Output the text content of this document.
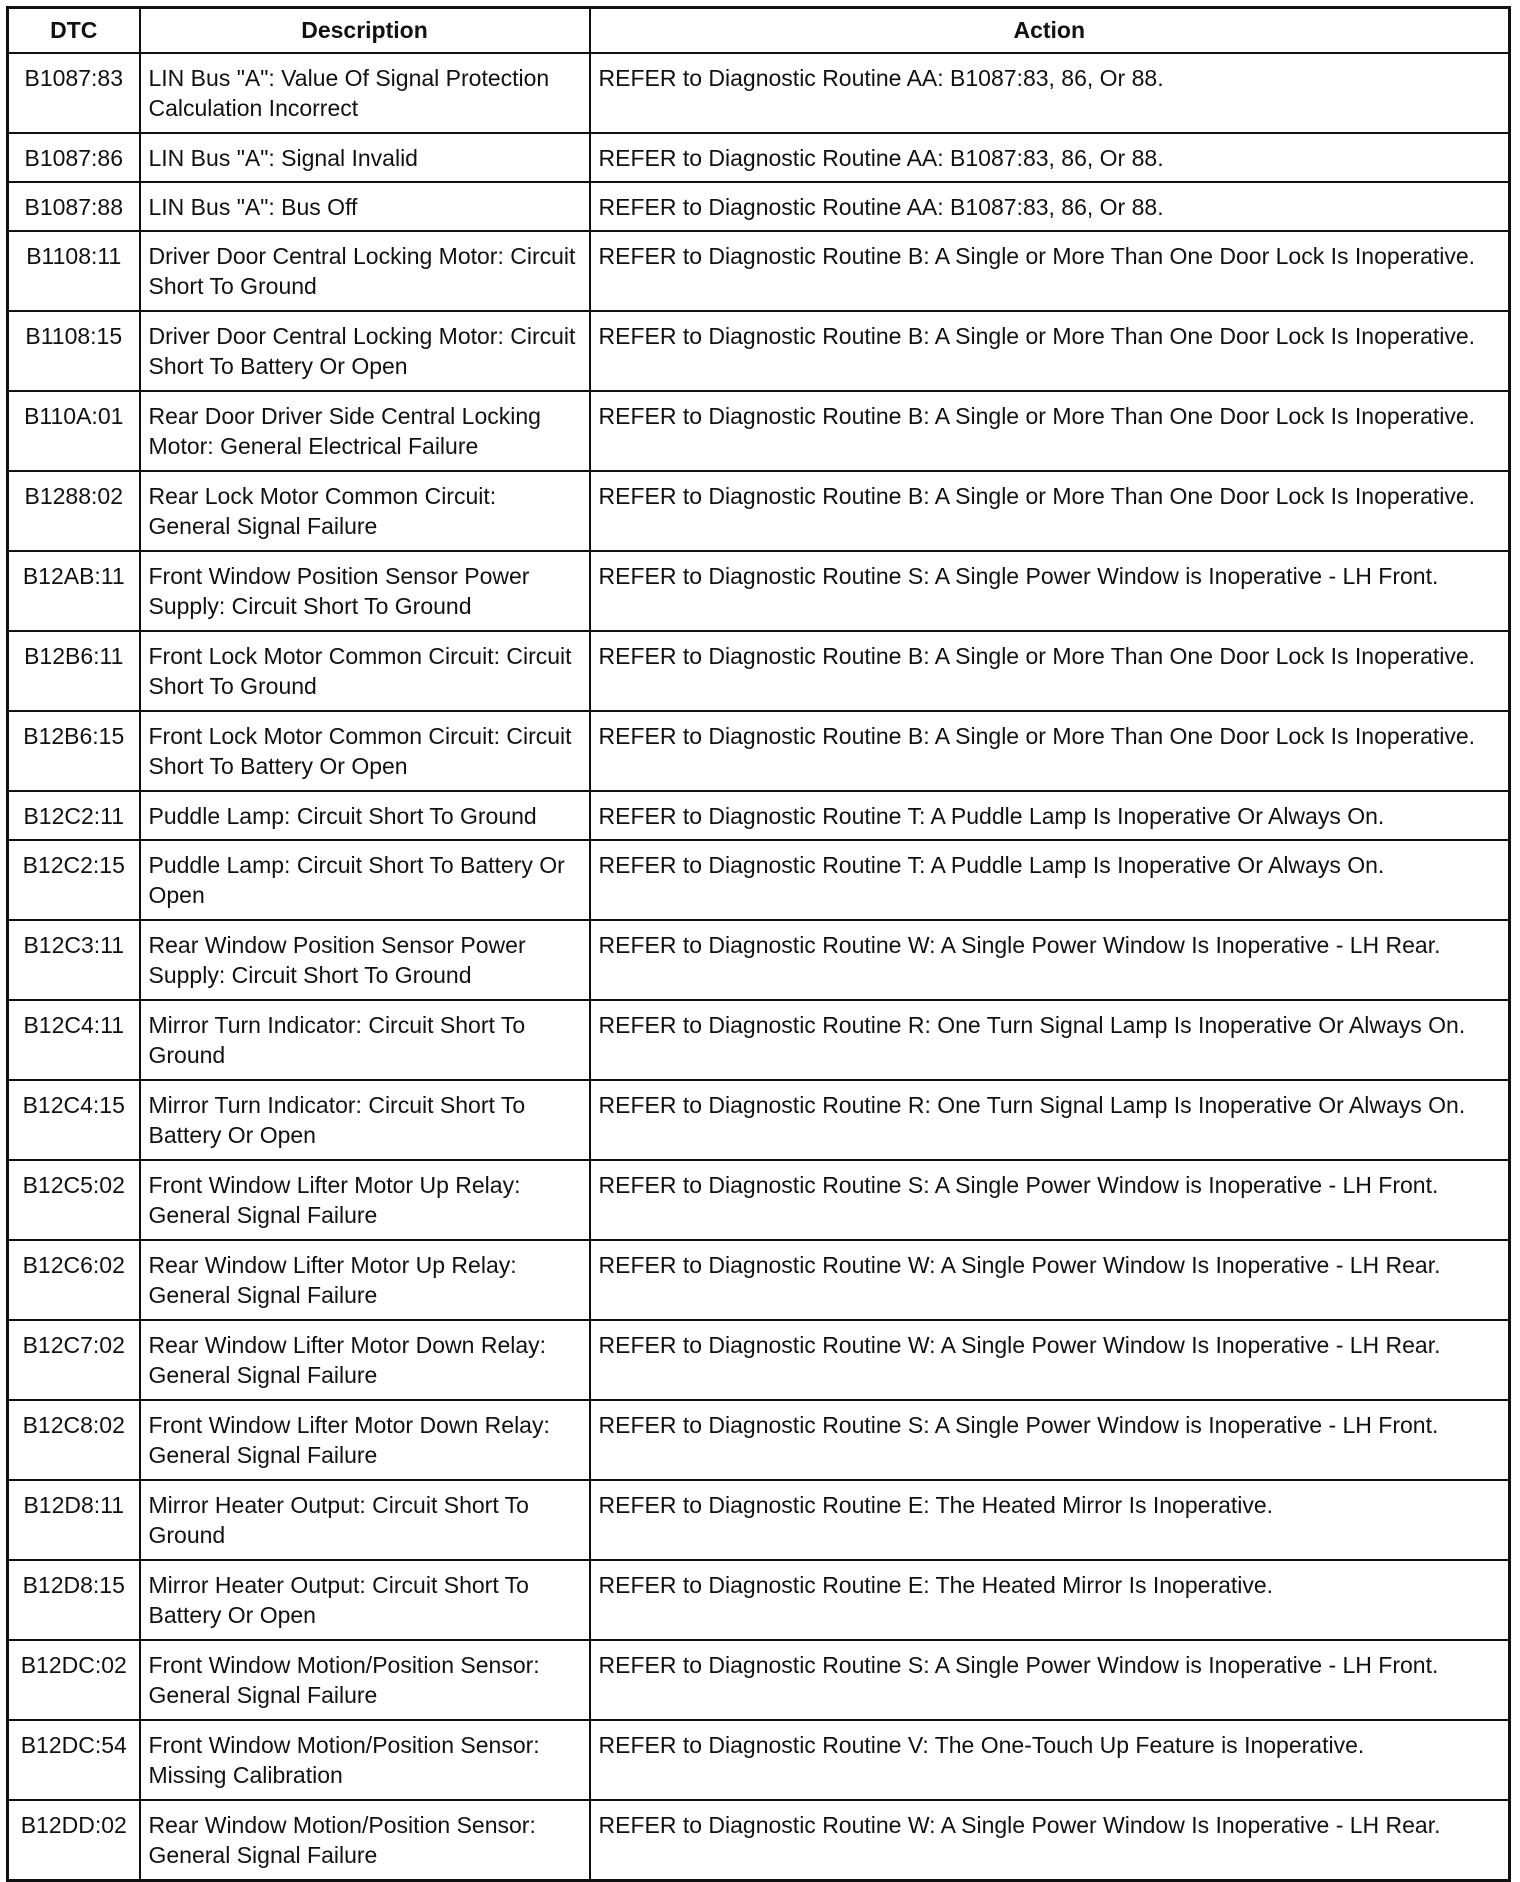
DTC	Description	Action
B1087:83	LIN Bus "A": Value Of Signal Protection Calculation Incorrect	REFER to Diagnostic Routine AA: B1087:83, 86, Or 88.
B1087:86	LIN Bus "A": Signal Invalid	REFER to Diagnostic Routine AA: B1087:83, 86, Or 88.
B1087:88	LIN Bus "A": Bus Off	REFER to Diagnostic Routine AA: B1087:83, 86, Or 88.
B1108:11	Driver Door Central Locking Motor: Circuit Short To Ground	REFER to Diagnostic Routine B: A Single or More Than One Door Lock Is Inoperative.
B1108:15	Driver Door Central Locking Motor: Circuit Short To Battery Or Open	REFER to Diagnostic Routine B: A Single or More Than One Door Lock Is Inoperative.
B110A:01	Rear Door Driver Side Central Locking Motor: General Electrical Failure	REFER to Diagnostic Routine B: A Single or More Than One Door Lock Is Inoperative.
B1288:02	Rear Lock Motor Common Circuit: General Signal Failure	REFER to Diagnostic Routine B: A Single or More Than One Door Lock Is Inoperative.
B12AB:11	Front Window Position Sensor Power Supply: Circuit Short To Ground	REFER to Diagnostic Routine S: A Single Power Window is Inoperative - LH Front.
B12B6:11	Front Lock Motor Common Circuit: Circuit Short To Ground	REFER to Diagnostic Routine B: A Single or More Than One Door Lock Is Inoperative.
B12B6:15	Front Lock Motor Common Circuit: Circuit Short To Battery Or Open	REFER to Diagnostic Routine B: A Single or More Than One Door Lock Is Inoperative.
B12C2:11	Puddle Lamp: Circuit Short To Ground	REFER to Diagnostic Routine T: A Puddle Lamp Is Inoperative Or Always On.
B12C2:15	Puddle Lamp: Circuit Short To Battery Or Open	REFER to Diagnostic Routine T: A Puddle Lamp Is Inoperative Or Always On.
B12C3:11	Rear Window Position Sensor Power Supply: Circuit Short To Ground	REFER to Diagnostic Routine W: A Single Power Window Is Inoperative - LH Rear.
B12C4:11	Mirror Turn Indicator: Circuit Short To Ground	REFER to Diagnostic Routine R: One Turn Signal Lamp Is Inoperative Or Always On.
B12C4:15	Mirror Turn Indicator: Circuit Short To Battery Or Open	REFER to Diagnostic Routine R: One Turn Signal Lamp Is Inoperative Or Always On.
B12C5:02	Front Window Lifter Motor Up Relay: General Signal Failure	REFER to Diagnostic Routine S: A Single Power Window is Inoperative - LH Front.
B12C6:02	Rear Window Lifter Motor Up Relay: General Signal Failure	REFER to Diagnostic Routine W: A Single Power Window Is Inoperative - LH Rear.
B12C7:02	Rear Window Lifter Motor Down Relay: General Signal Failure	REFER to Diagnostic Routine W: A Single Power Window Is Inoperative - LH Rear.
B12C8:02	Front Window Lifter Motor Down Relay: General Signal Failure	REFER to Diagnostic Routine S: A Single Power Window is Inoperative - LH Front.
B12D8:11	Mirror Heater Output: Circuit Short To Ground	REFER to Diagnostic Routine E: The Heated Mirror Is Inoperative.
B12D8:15	Mirror Heater Output: Circuit Short To Battery Or Open	REFER to Diagnostic Routine E: The Heated Mirror Is Inoperative.
B12DC:02	Front Window Motion/Position Sensor: General Signal Failure	REFER to Diagnostic Routine S: A Single Power Window is Inoperative - LH Front.
B12DC:54	Front Window Motion/Position Sensor: Missing Calibration	REFER to Diagnostic Routine V: The One-Touch Up Feature is Inoperative.
B12DD:02	Rear Window Motion/Position Sensor: General Signal Failure	REFER to Diagnostic Routine W: A Single Power Window Is Inoperative - LH Rear.
